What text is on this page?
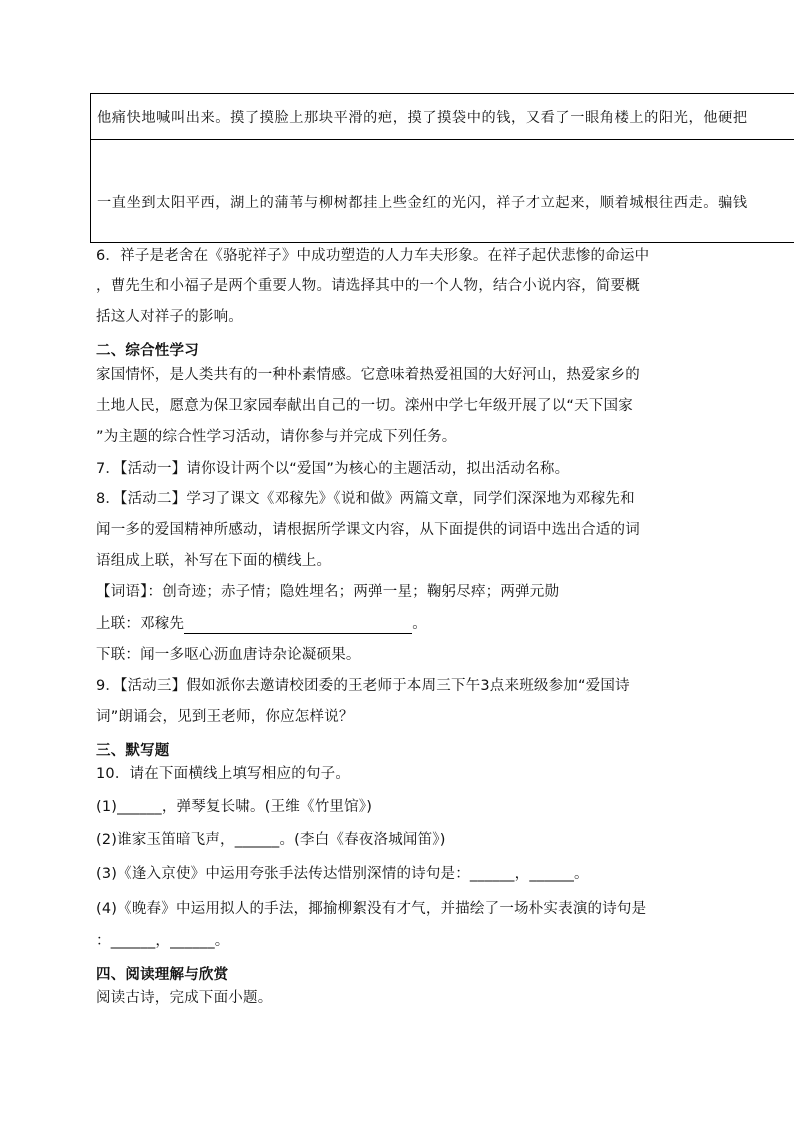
他痛快地喊叫出来。摸了摸脸上那块平滑的疤，摸了摸袋中的钱，又看了一眼角楼上的阳光，他硬把

一直坐到太阳平西，湖上的蒲苇与柳树都挂上些金红的光闪，祥子才立起来，顺着城根往西走。骗钱
6．祥子是老舍在《骆驼祥子》中成功塑造的人力车夫形象。在祥子起伏悲惨的命运中
，曹先生和小福子是两个重要人物。请选择其中的一个人物，结合小说内容，简要概
括这人对祥子的影响。
二、综合性学习
家国情怀，是人类共有的一种朴素情感。它意味着热爱祖国的大好河山，热爱家乡的
土地人民，愿意为保卫家园奉献出自己的一切。滦州中学七年级开展了以“天下国家
”为主题的综合性学习活动，请你参与并完成下列任务。
7．【活动一】请你设计两个以“爱国”为核心的主题活动，拟出活动名称。
8．【活动二】学习了课文《邓稼先》《说和做》两篇文章，同学们深深地为邓稼先和
闻一多的爱国精神所感动，请根据所学课文内容，从下面提供的词语中选出合适的词
语组成上联，补写在下面的横线上。
【词语】：创奇迹；赤子情；隐姓埋名；两弹一星；鞠躬尽瘁；两弹元勋
上联：邓稼先	。
下联：闻一多呕心沥血唐诗杂论凝硕果。
9．【活动三】假如派你去邀请校团委的王老师于本周三下午3点来班级参加“爱国诗
词”朗诵会，见到王老师，你应怎样说？
三、默写题
10．请在下面横线上填写相应的句子。
(1)______，弹琴复长啸。(王维《竹里馆》)
(2)谁家玉笛暗飞声，______。(李白《春夜洛城闻笛》)
(3)《逢入京使》中运用夸张手法传达惜别深情的诗句是：______，______。
(4)《晚春》中运用拟人的手法，揶揄柳絮没有才气，并描绘了一场朴实表演的诗句是
：______，______。
四、阅读理解与欣赏
阅读古诗，完成下面小题。
